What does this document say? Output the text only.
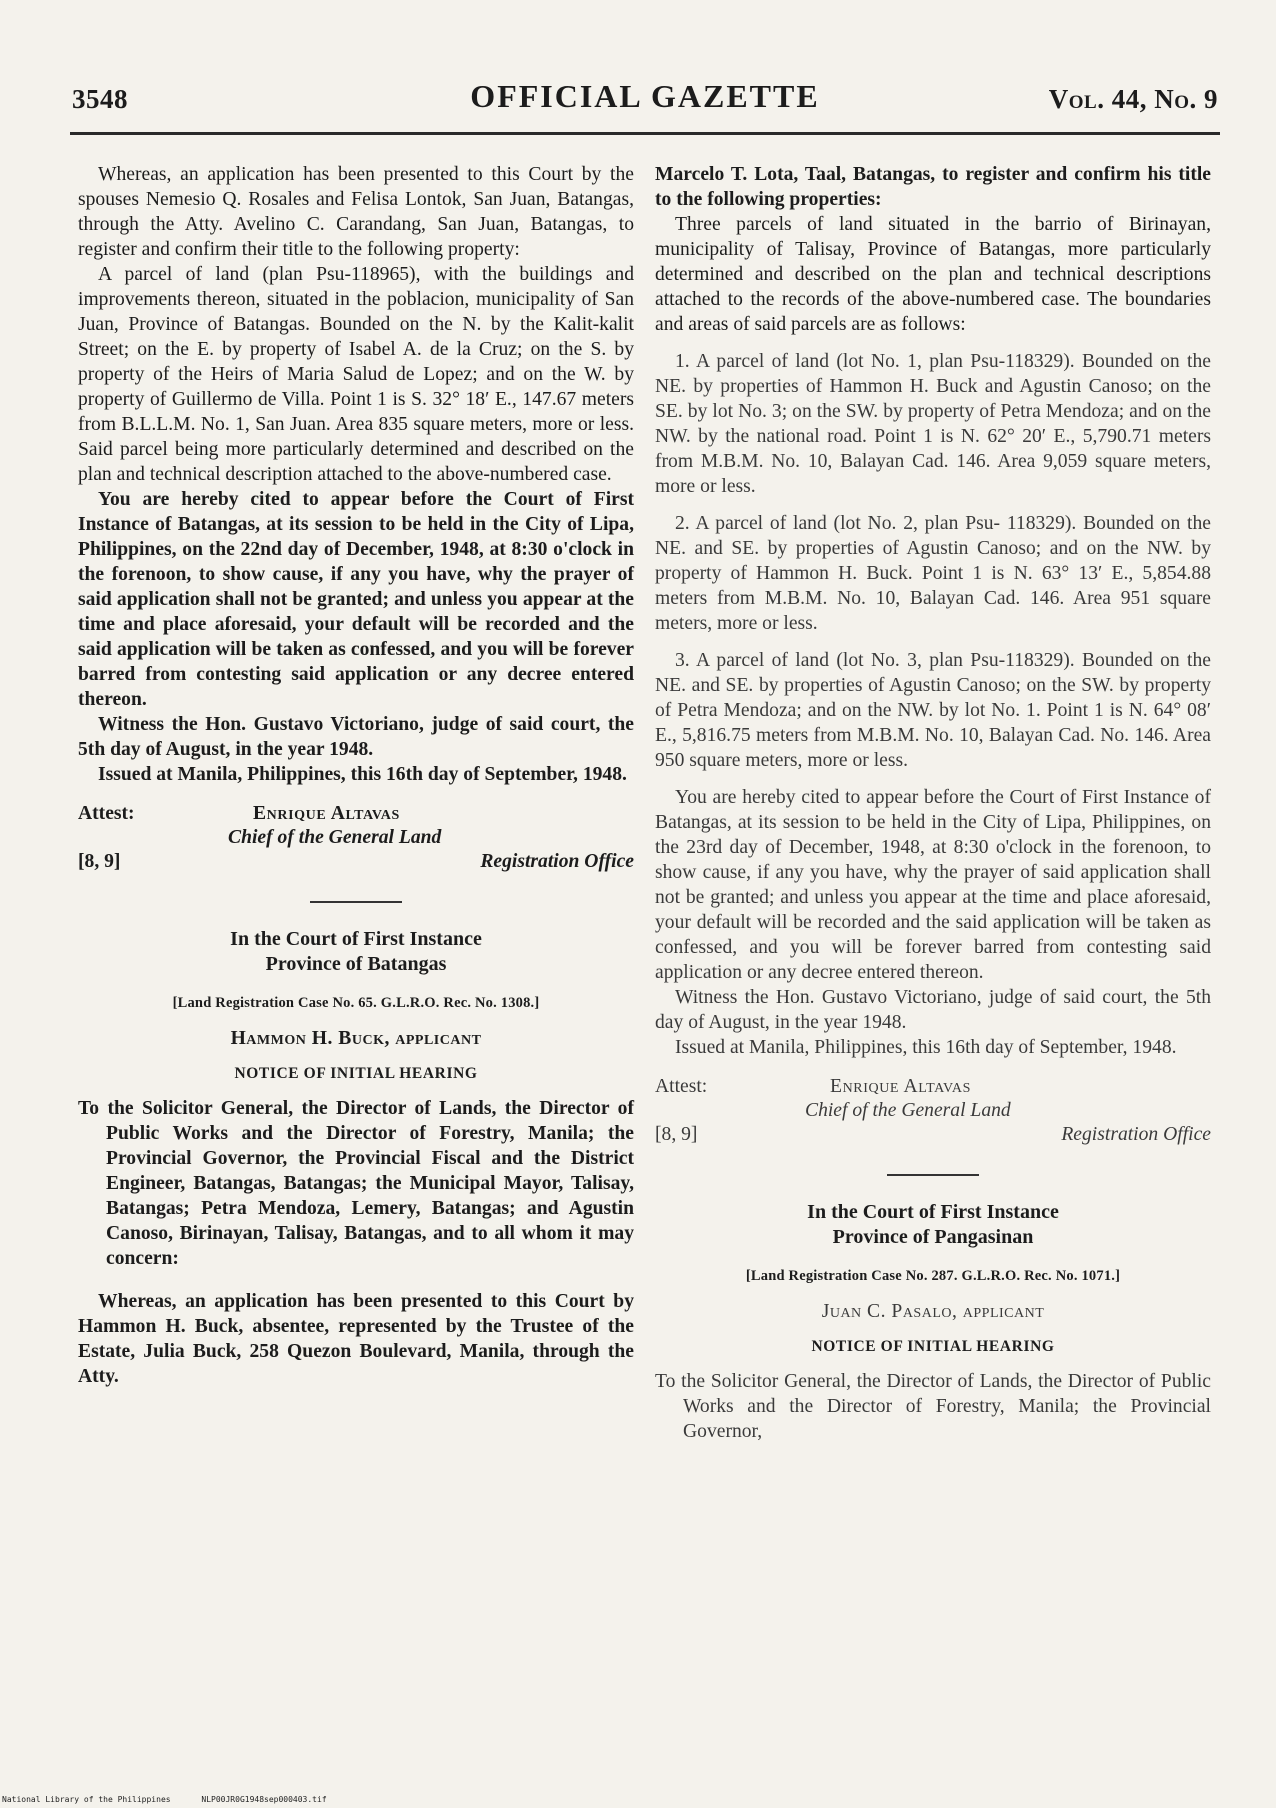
3548	OFFICIAL GAZETTE	Vol. 44, No. 9

Whereas, an application has been presented to this Court by the spouses Nemesio Q. Rosales and Felisa Lontok, San Juan, Batangas, through the Atty. Avelino C. Carandang, San Juan, Batangas, to register and confirm their title to the following property:

A parcel of land (plan Psu-118965), with the buildings and improvements thereon, situated in the poblacion, municipality of San Juan, Province of Batangas. Bounded on the N. by the Kalit-kalit Street; on the E. by property of Isabel A. de la Cruz; on the S. by property of the Heirs of Maria Salud de Lopez; and on the W. by property of Guillermo de Villa. Point 1 is S. 32° 18′ E., 147.67 meters from B.L.L.M. No. 1, San Juan. Area 835 square meters, more or less. Said parcel being more particularly determined and described on the plan and technical description attached to the above-numbered case.

You are hereby cited to appear before the Court of First Instance of Batangas, at its session to be held in the City of Lipa, Philippines, on the 22nd day of December, 1948, at 8:30 o'clock in the forenoon, to show cause, if any you have, why the prayer of said application shall not be granted; and unless you appear at the time and place aforesaid, your default will be recorded and the said application will be taken as confessed, and you will be forever barred from contesting said application or any decree entered thereon.

Witness the Hon. Gustavo Victoriano, judge of said court, the 5th day of August, in the year 1948.

Issued at Manila, Philippines, this 16th day of September, 1948.

Attest:	Enrique Altavas
Chief of the General Land
[8, 9]	Registration Office
In the Court of First Instance
Province of Batangas
[Land Registration Case No. 65. G.L.R.O. Rec. No. 1308.]
Hammon H. Buck, applicant
NOTICE OF INITIAL HEARING
To the Solicitor General, the Director of Lands, the Director of Public Works and the Director of Forestry, Manila; the Provincial Governor, the Provincial Fiscal and the District Engineer, Batangas, Batangas; the Municipal Mayor, Talisay, Batangas; Petra Mendoza, Lemery, Batangas; and Agustin Canoso, Birinayan, Talisay, Batangas, and to all whom it may concern:

Whereas, an application has been presented to this Court by Hammon H. Buck, absentee, represented by the Trustee of the Estate, Julia Buck, 258 Quezon Boulevard, Manila, through the Atty.

Marcelo T. Lota, Taal, Batangas, to register and confirm his title to the following properties:

Three parcels of land situated in the barrio of Birinayan, municipality of Talisay, Province of Batangas, more particularly determined and described on the plan and technical descriptions attached to the records of the above-numbered case. The boundaries and areas of said parcels are as follows:

1. A parcel of land (lot No. 1, plan Psu-118329). Bounded on the NE. by properties of Hammon H. Buck and Agustin Canoso; on the SE. by lot No. 3; on the SW. by property of Petra Mendoza; and on the NW. by the national road. Point 1 is N. 62° 20′ E., 5,790.71 meters from M.B.M. No. 10, Balayan Cad. 146. Area 9,059 square meters, more or less.

2. A parcel of land (lot No. 2, plan Psu- 118329). Bounded on the NE. and SE. by properties of Agustin Canoso; and on the NW. by property of Hammon H. Buck. Point 1 is N. 63° 13′ E., 5,854.88 meters from M.B.M. No. 10, Balayan Cad. 146. Area 951 square meters, more or less.

3. A parcel of land (lot No. 3, plan Psu-118329). Bounded on the NE. and SE. by properties of Agustin Canoso; on the SW. by property of Petra Mendoza; and on the NW. by lot No. 1. Point 1 is N. 64° 08′ E., 5,816.75 meters from M.B.M. No. 10, Balayan Cad. No. 146. Area 950 square meters, more or less.

You are hereby cited to appear before the Court of First Instance of Batangas, at its session to be held in the City of Lipa, Philippines, on the 23rd day of December, 1948, at 8:30 o'clock in the forenoon, to show cause, if any you have, why the prayer of said application shall not be granted; and unless you appear at the time and place aforesaid, your default will be recorded and the said application will be taken as confessed, and you will be forever barred from contesting said application or any decree entered thereon.

Witness the Hon. Gustavo Victoriano, judge of said court, the 5th day of August, in the year 1948.

Issued at Manila, Philippines, this 16th day of September, 1948.

Attest:	Enrique Altavas
Chief of the General Land
[8, 9]	Registration Office
In the Court of First Instance
Province of Pangasinan
[Land Registration Case No. 287. G.L.R.O. Rec. No. 1071.]
Juan C. Pasalo, applicant
NOTICE OF INITIAL HEARING
To the Solicitor General, the Director of Lands, the Director of Public Works and the Director of Forestry, Manila; the Provincial Governor,
National Library of the Philippines	NLP00JR0G1948sep000403.tif
